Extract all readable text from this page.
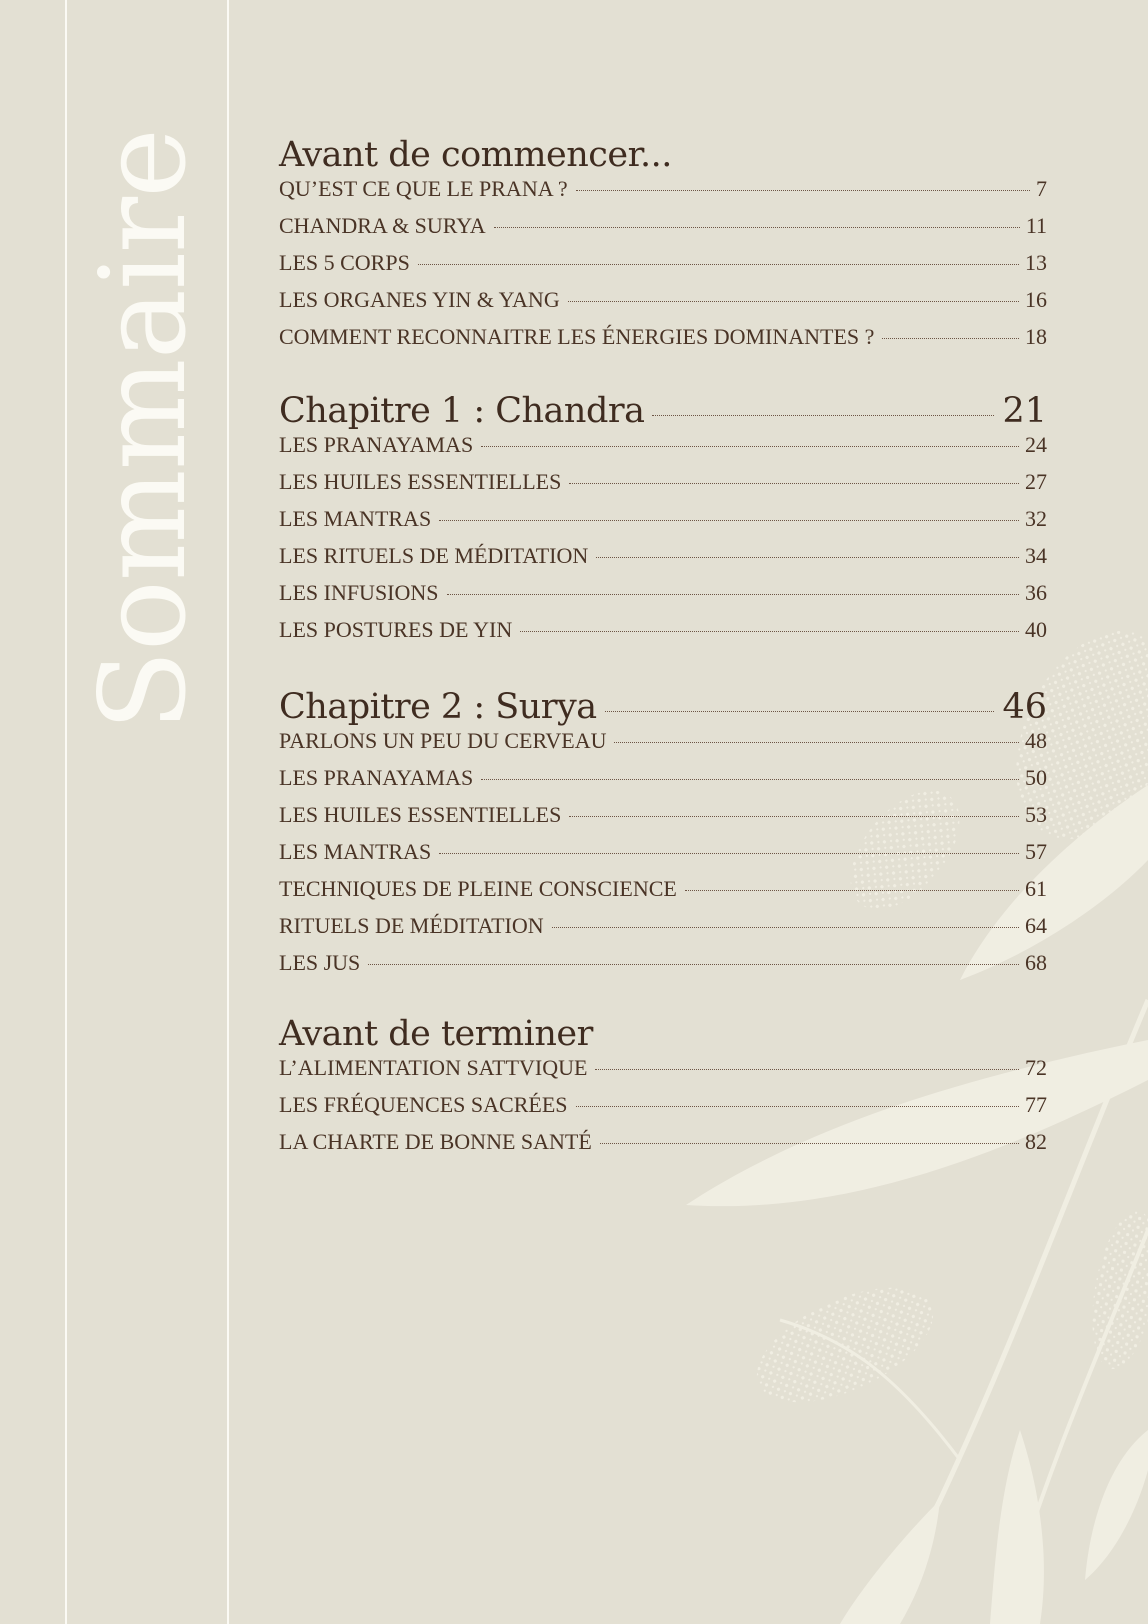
Sommaire Avant de commencer...
QU’EST CE QUE LE PRANA ?	7
CHANDRA & SURYA	11
LES 5 CORPS	13
LES ORGANES YIN & YANG	16
COMMENT RECONNAITRE LES ÉNERGIES DOMINANTES ?	18
Chapitre 1 : Chandra	21
LES PRANAYAMAS	24
LES HUILES ESSENTIELLES	27
LES MANTRAS	32
LES RITUELS DE MÉDITATION	34
LES INFUSIONS	36
LES POSTURES DE YIN	40
Chapitre 2 : Surya	46
PARLONS UN PEU DU CERVEAU	48
LES PRANAYAMAS	50
LES HUILES ESSENTIELLES	53
LES MANTRAS	57
TECHNIQUES DE PLEINE CONSCIENCE	61
RITUELS DE MÉDITATION	64
LES JUS	68
Avant de terminer
L’ALIMENTATION SATTVIQUE	72
LES FRÉQUENCES SACRÉES	77
LA CHARTE DE BONNE SANTÉ	82
